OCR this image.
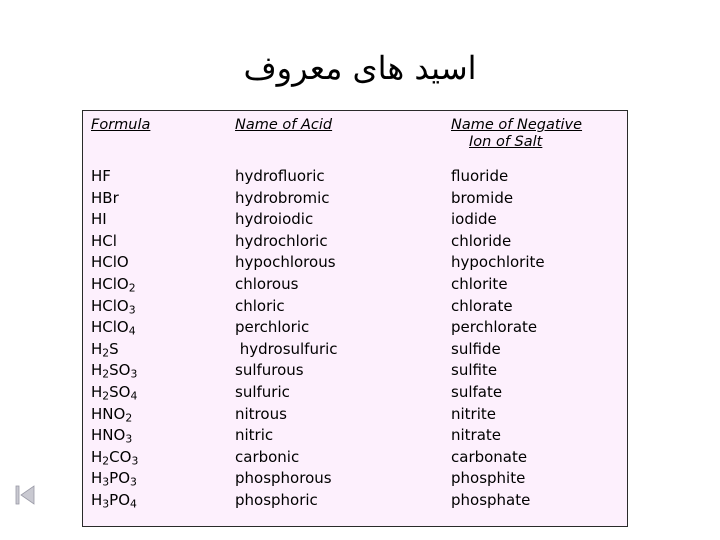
اسید های معروف
Formula	Name of Acid	Name of Negative
Ion of Salt
HF
HBr
HI
HCl
HClO
HClO$_2$
HClO$_3$
HClO$_4$
$H_2S$
$H_2SO_3$
$H_2SO_4$
$HNO_2$
$HNO_3$
$H_2CO_3$
$H_3PO_3$
$H_3PO_4$
hydrofluoric
hydrobromic
hydroiodic
hydrochloric
hypochlorous
chlorous
chloric
perchloric
hydrosulfuric
sulfurous
sulfuric
nitrous
nitric
carbonic
phosphorous
phosphoric
fluoride
bromide
iodide
chloride
hypochlorite
chlorite
chlorate
perchlorate
sulfide
sulfite
sulfate
nitrite
nitrate
carbonate
phosphite
phosphate
